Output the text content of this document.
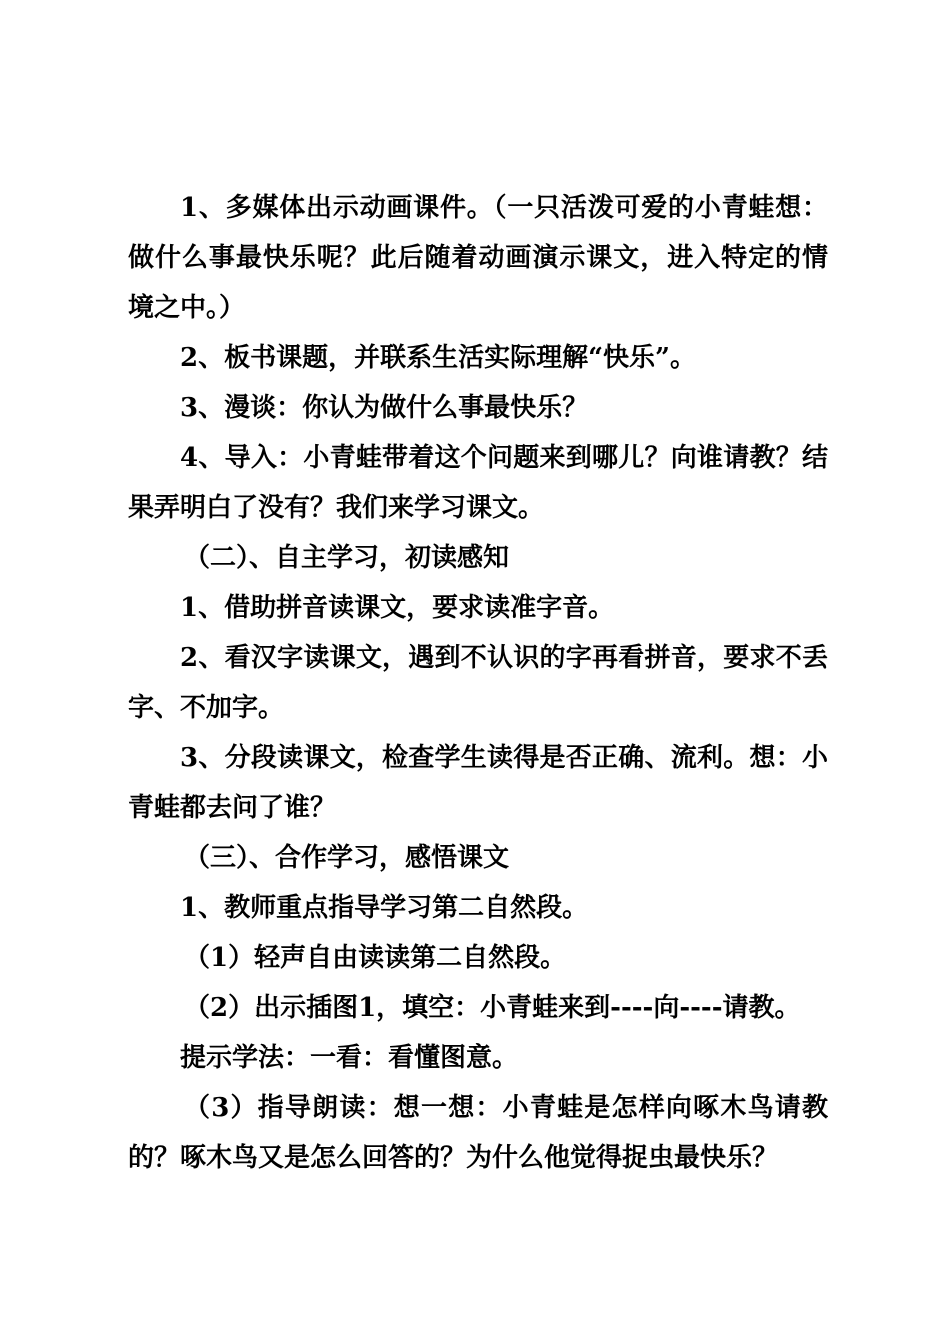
1、多媒体出示动画课件。（一只活泼可爱的小青蛙想：做什么事最快乐呢？此后随着动画演示课文，进入特定的情境之中。）

2、板书课题，并联系生活实际理解“快乐”。

3、漫谈：你认为做什么事最快乐？

4、导入：小青蛙带着这个问题来到哪儿？向谁请教？结果弄明白了没有？我们来学习课文。

（二）、自主学习，初读感知

1、借助拼音读课文，要求读准字音。

2、看汉字读课文，遇到不认识的字再看拼音，要求不丢字、不加字。

3、分段读课文，检查学生读得是否正确、流利。想：小青蛙都去问了谁？

（三）、合作学习，感悟课文

1、教师重点指导学习第二自然段。

（1）轻声自由读读第二自然段。

（2）出示插图1，填空：小青蛙来到----向----请教。

提示学法：一看：看懂图意。

（3）指导朗读：想一想：小青蛙是怎样向啄木鸟请教的？啄木鸟又是怎么回答的？为什么他觉得捉虫最快乐？
